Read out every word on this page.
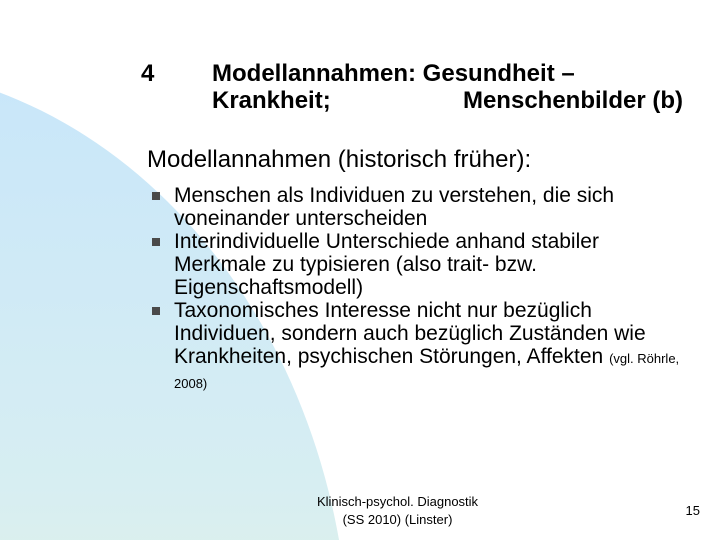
4 Modellannahmen: Gesundheit –
Krankheit;	Menschenbilder (b)
Modellannahmen (historisch früher):
Menschen als Individuen zu verstehen, die sich voneinander unterscheiden
Interindividuelle Unterschiede anhand stabiler Merkmale zu typisieren (also trait- bzw. Eigenschaftsmodell)
Taxonomisches Interesse nicht nur bezüglich Individuen, sondern auch bezüglich Zuständen wie Krankheiten, psychischen Störungen, Affekten (vgl. Röhrle, 2008)
Klinisch-psychol. Diagnostik
(SS 2010) (Linster)
15
